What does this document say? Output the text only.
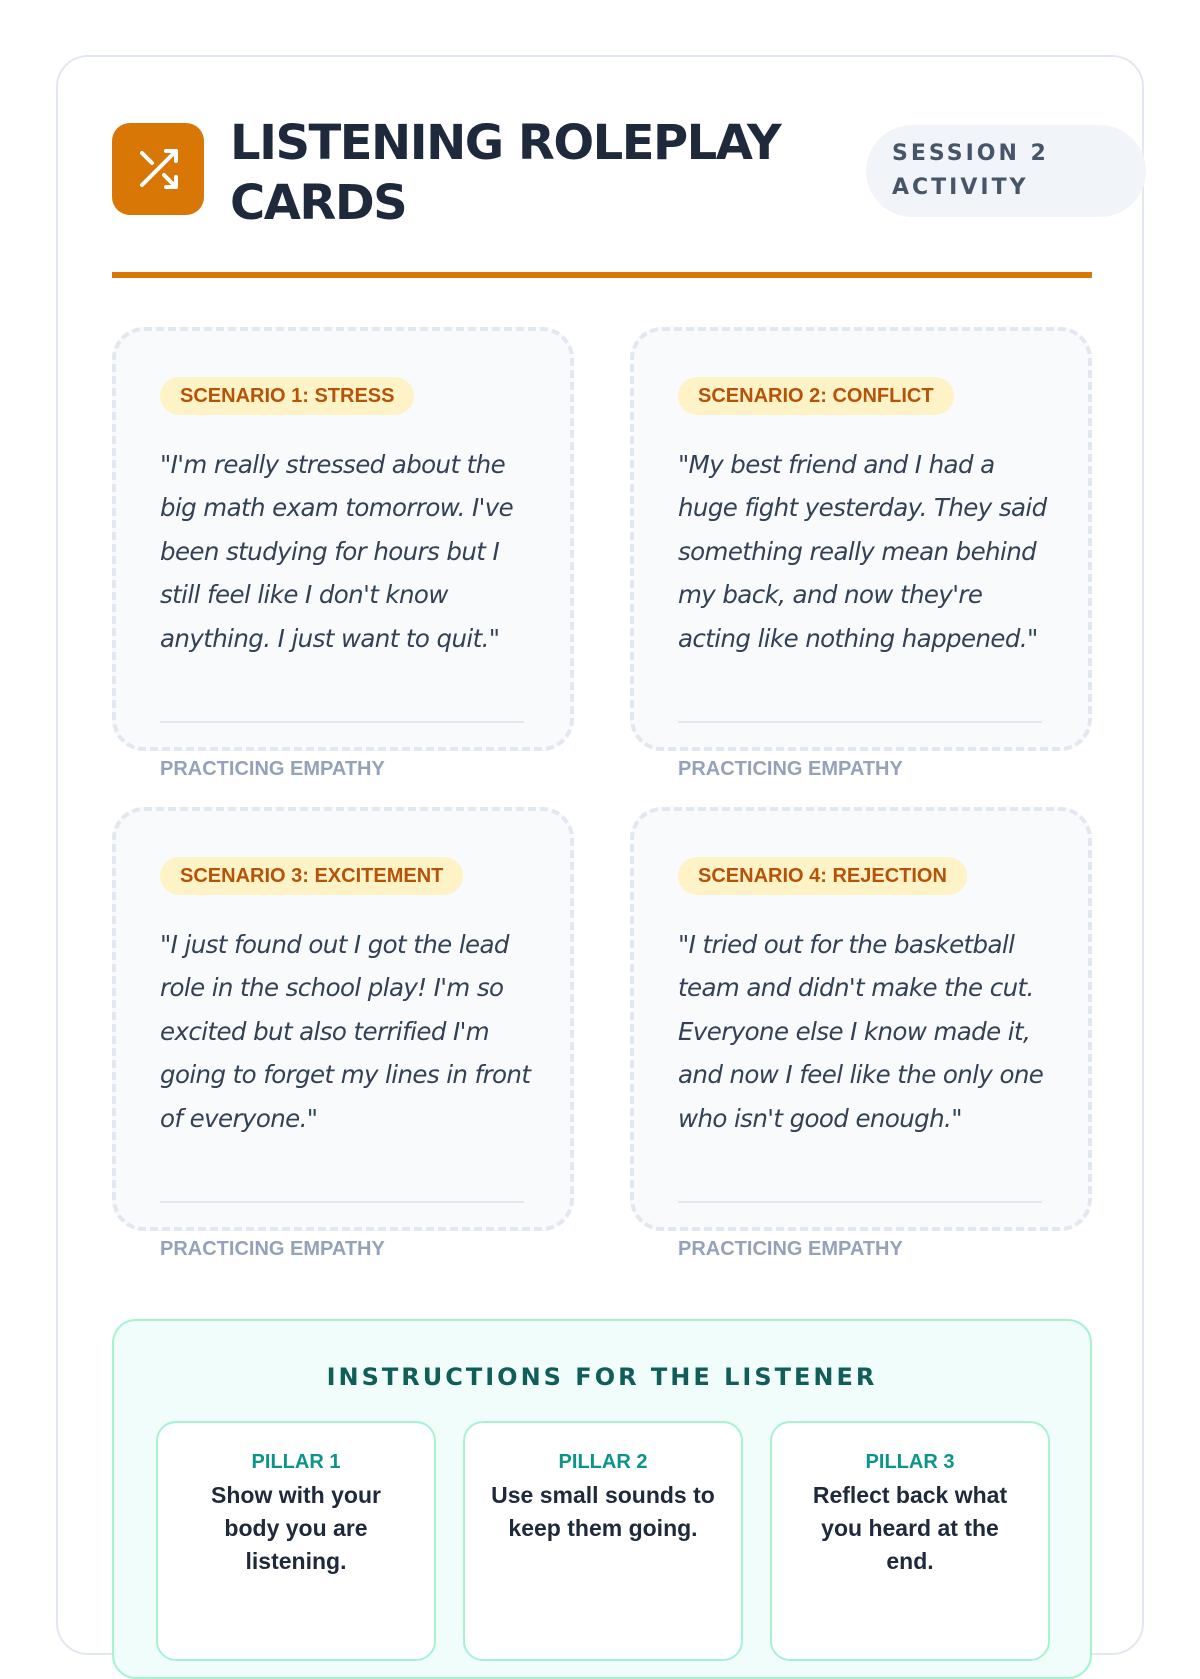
LISTENING ROLEPLAY CARDS
SESSION 2
ACTIVITY
SCENARIO 1: STRESS

"I'm really stressed about the big math exam tomorrow. I've been studying for hours but I still feel like I don't know anything. I just want to quit."

PRACTICING EMPATHY
SCENARIO 2: CONFLICT

"My best friend and I had a huge fight yesterday. They said something really mean behind my back, and now they're acting like nothing happened."

PRACTICING EMPATHY
SCENARIO 3: EXCITEMENT

"I just found out I got the lead role in the school play! I'm so excited but also terrified I'm going to forget my lines in front of everyone."

PRACTICING EMPATHY
SCENARIO 4: REJECTION

"I tried out for the basketball team and didn't make the cut. Everyone else I know made it, and now I feel like the only one who isn't good enough."

PRACTICING EMPATHY
INSTRUCTIONS FOR THE LISTENER
PILLAR 1
Show with your body you are listening.
PILLAR 2
Use small sounds to keep them going.
PILLAR 3
Reflect back what you heard at the end.
